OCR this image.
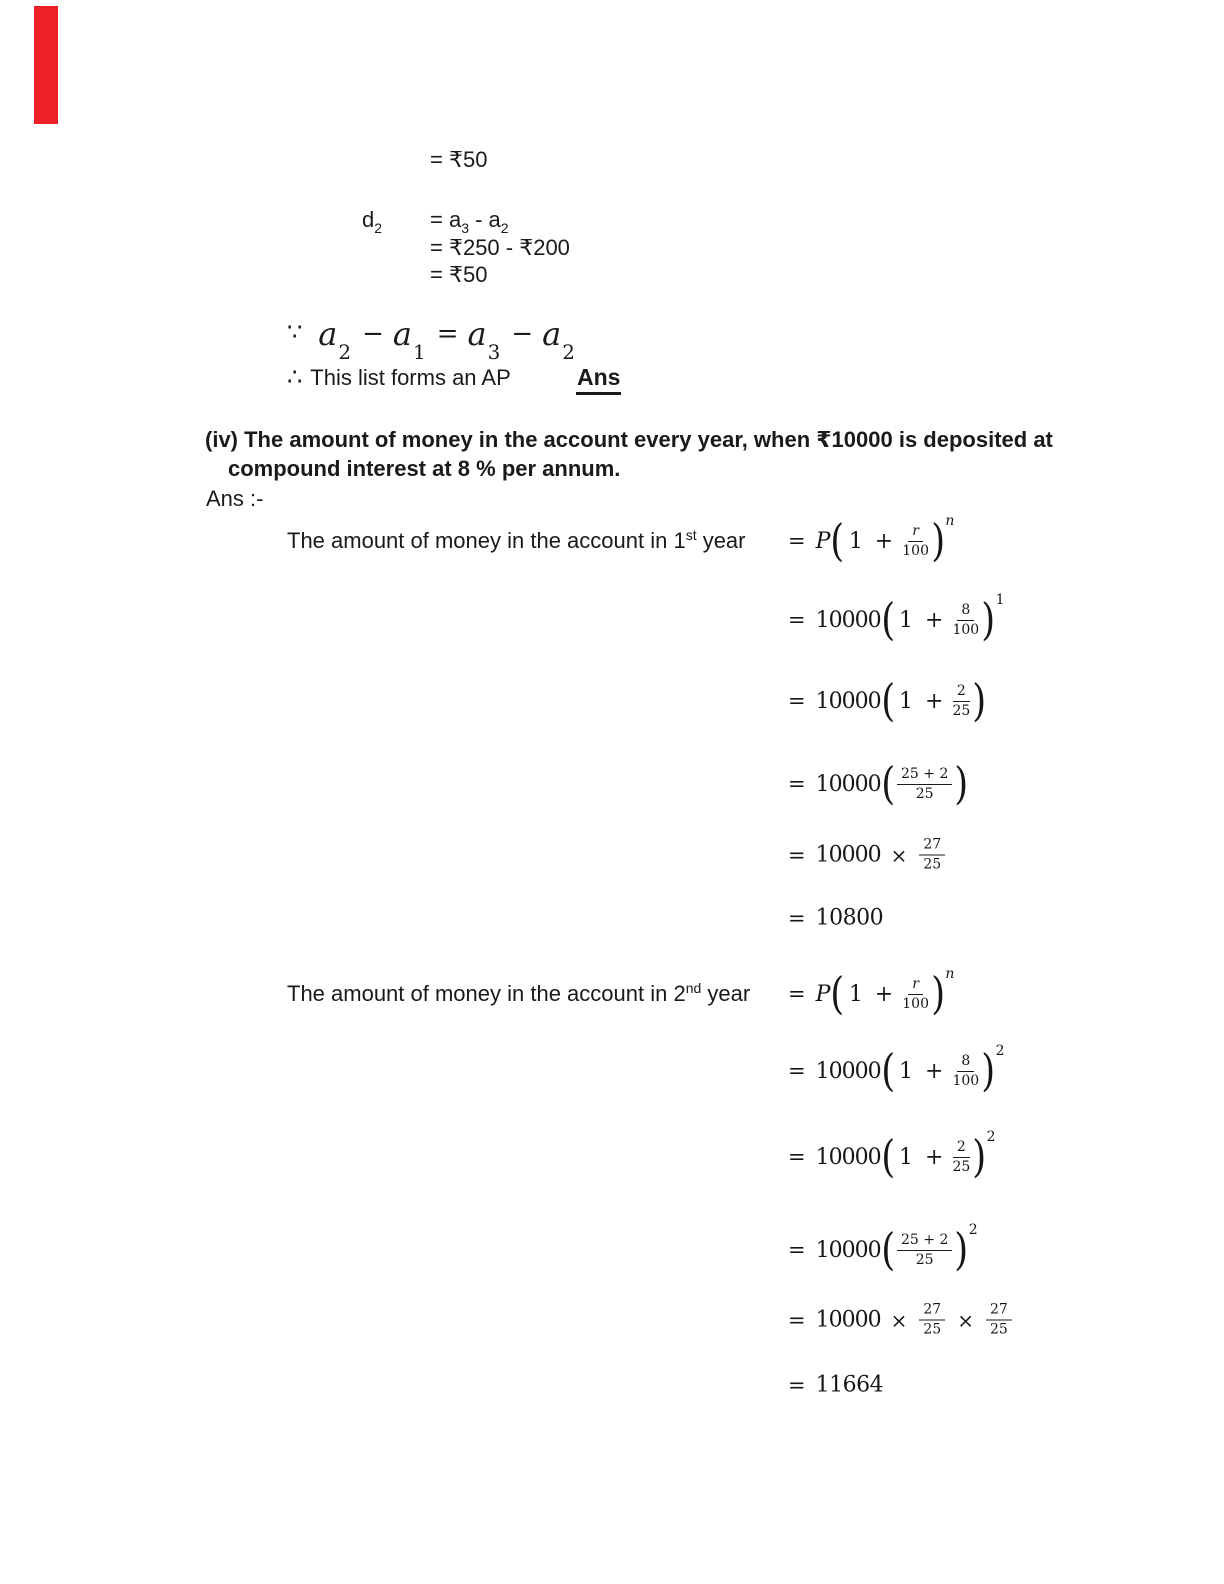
= ₹50
$d_2 = a_3 - a_2$
= ₹250 - ₹200
= ₹50
∵ $a_2- a_1= a_3- a_2$
∴ This list forms an AP	Ans
(iv) The amount of money in the account every year, when ₹10000 is deposited at
compound interest at 8 % per annum.
Ans :-
The amount of money in the account in 1st year = P ( $1 + \frac{r}{100}$ ) n
= 10000 ( $1 + \frac{8}{100}$ ) 1
= 10000 ( $1 + \frac{2}{25}$ )
= 10000 ( $\frac{25 + 2}{25}$ )
= $10000 \times \frac{27}{25}$
= 10800
The amount of money in the account in 2nd year = P ( $1 + \frac{r}{100}$ ) n
= 10000 ( $1 + \frac{8}{100}$ ) 2
= 10000 ( $1 + \frac{2}{25}$ ) 2
= 10000 ( $\frac{25 + 2}{25}$ ) 2
= $10000 \times \frac{27}{25} \times \frac{27}{25}$
= 11664
